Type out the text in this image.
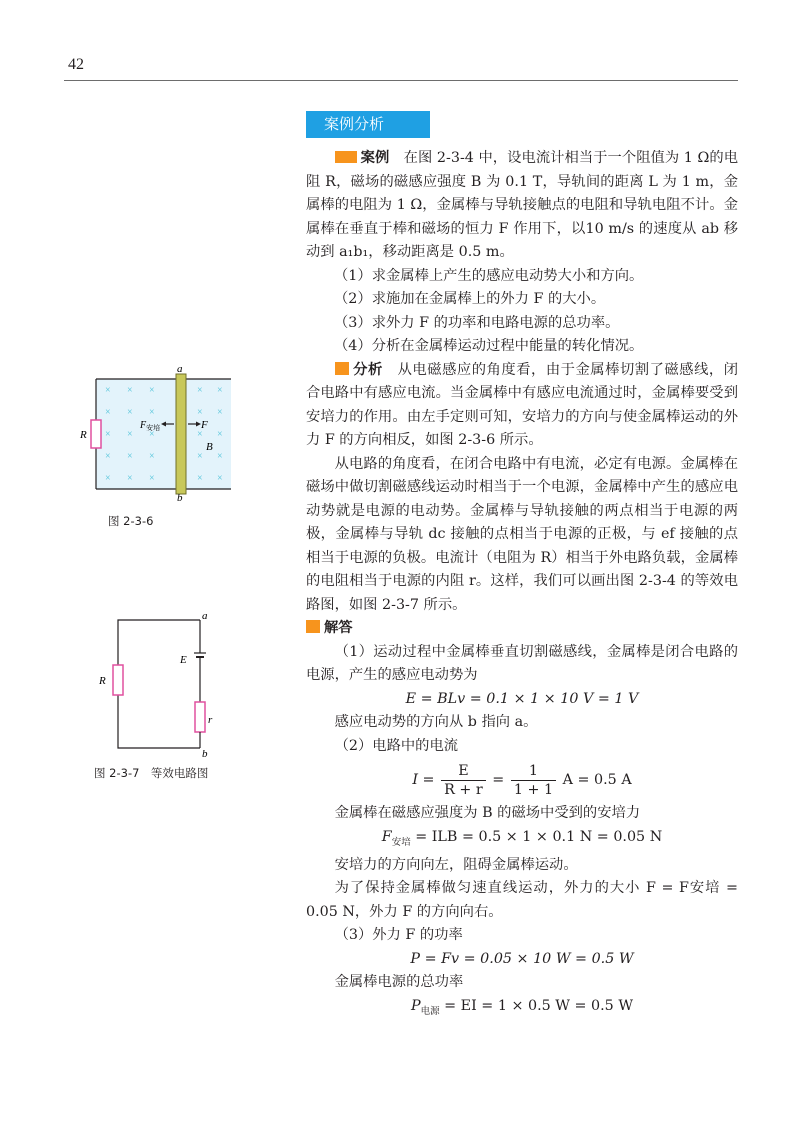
42
案例分析

案例　 在图 2-3-4 中，设电流计相当于一个阻值为 1 Ω的电阻 R，磁场的磁感应强度 B 为 0.1 T，导轨间的距离 L 为 1 m，金属棒的电阻为 1 Ω，金属棒与导轨接触点的电阻和导轨电阻不计。金属棒在垂直于棒和磁场的恒力 F 作用下，以10 m/s 的速度从 ab 移动到 a₁b₁，移动距离是 0.5 m。

（1）求金属棒上产生的感应电动势大小和方向。

（2）求施加在金属棒上的外力 F 的大小。

（3）求外力 F 的功率和电路电源的总功率。

（4）分析在金属棒运动过程中能量的转化情况。

分析　 从电磁感应的角度看，由于金属棒切割了磁感线，闭合电路中有感应电流。当金属棒中有感应电流通过时，金属棒要受到安培力的作用。由左手定则可知，安培力的方向与使金属棒运动的外力 F 的方向相反，如图 2-3-6 所示。

从电路的角度看，在闭合电路中有电流，必定有电源。金属棒在磁场中做切割磁感线运动时相当于一个电源，金属棒中产生的感应电动势就是电源的电动势。金属棒与导轨接触的两点相当于电源的两极，金属棒与导轨 dc 接触的点相当于电源的正极，与 ef 接触的点相当于电源的负极。电流计（电阻为 R）相当于外电路负载，金属棒的电阻相当于电源的内阻 r。这样，我们可以画出图 2-3-4 的等效电路图，如图 2-3-7 所示。

解答

（1）运动过程中金属棒垂直切割磁感线，金属棒是闭合电路的电源，产生的感应电动势为

E = BLv = 0.1 × 1 × 10 V = 1 V

感应电动势的方向从 b 指向 a。

（2）电路中的电流

$I = \frac{E}{R + r} = \frac{1}{1 + 1}$ A = 0.5 A

金属棒在磁感应强度为 B 的磁场中受到的安培力

$F_{安培}$ = ILB = 0.5 × 1 × 0.1 N = 0.05 N

安培力的方向向左，阻碍金属棒运动。

为了保持金属棒做匀速直线运动，外力的大小 F = F安培 = 0.05 N，外力 F 的方向向右。

（3）外力 F 的功率

P = Fv = 0.05 × 10 W = 0.5 W

金属棒电源的总功率

$P_{电源}$ = EI = 1 × 0.5 W = 0.5 W

×
×
×
×
×
×
×
×
×
×
×
×
×
×
×
×
×
×
×
×
×
×
×
×
×
a
b
R
F
$F_{安培}$
B
图 2-3-6
a
b
R
E
r
图 2-3-7　等效电路图
